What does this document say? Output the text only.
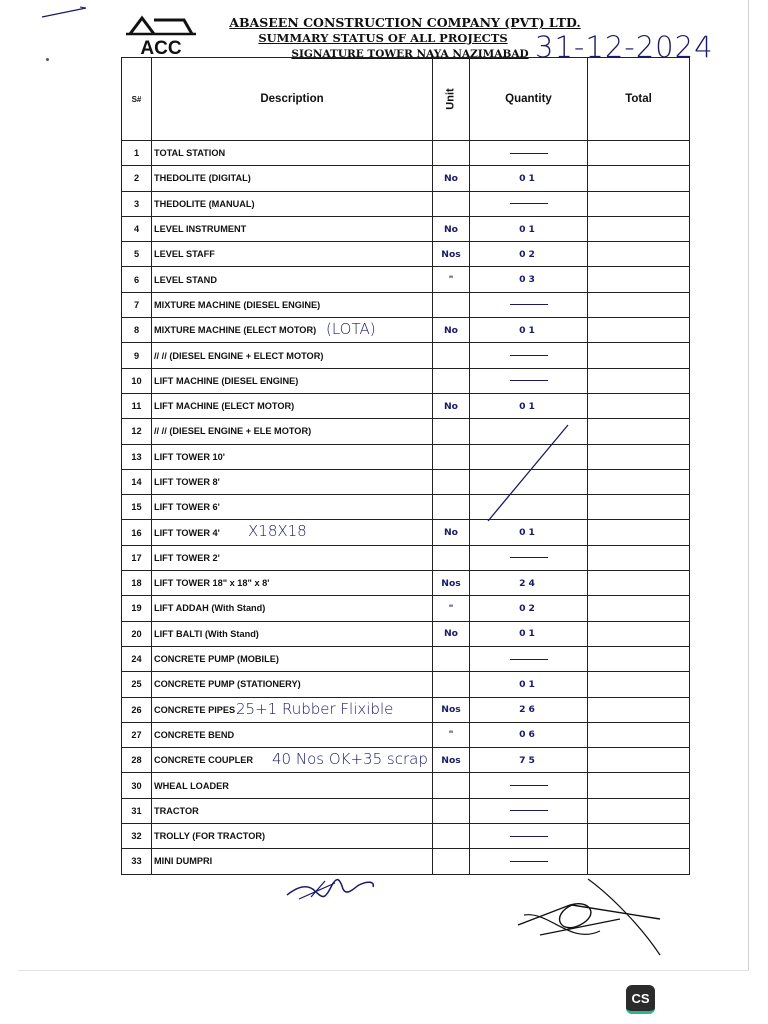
ACC
ABASEEN CONSTRUCTION COMPANY (PVT) LTD.
SUMMARY STATUS OF ALL PROJECTS
SIGNATURE TOWER NAYA NAZIMABAD 31-12-2024
S#	Description	Unit	Quantity	Total
1	TOTAL STATION			
2	THEDOLITE (DIGITAL)	No	01	
3	THEDOLITE (MANUAL)			
4	LEVEL INSTRUMENT	No	01	
5	LEVEL STAFF	Nos	02	
6	LEVEL STAND	"	03	
7	MIXTURE MACHINE (DIESEL ENGINE)			
8	MIXTURE MACHINE (ELECT MOTOR) (LOTA)	No	01	
9	// // (DIESEL ENGINE + ELECT MOTOR)			
10	LIFT MACHINE (DIESEL ENGINE)			
11	LIFT MACHINE (ELECT MOTOR)	No	01	
12	// // (DIESEL ENGINE + ELE MOTOR)			
13	LIFT TOWER 10'			
14	LIFT TOWER 8'			
15	LIFT TOWER 6'			
16	LIFT TOWER 4' X18X18	No	01	
17	LIFT TOWER 2'			
18	LIFT TOWER 18" x 18" x 8'	Nos	24	
19	LIFT ADDAH (With Stand)	"	02	
20	LIFT BALTI (With Stand)	No	01	
24	CONCRETE PUMP (MOBILE)			
25	CONCRETE PUMP (STATIONERY)		01	
26	CONCRETE PIPES 25+1 Rubber Flixible	Nos	26	
27	CONCRETE BEND	"	06	
28	CONCRETE COUPLER 40 Nos OK+35 scrap	Nos	75	
30	WHEAL LOADER			
31	TRACTOR			
32	TROLLY (FOR TRACTOR)			
33	MINI DUMPRI			
CS
